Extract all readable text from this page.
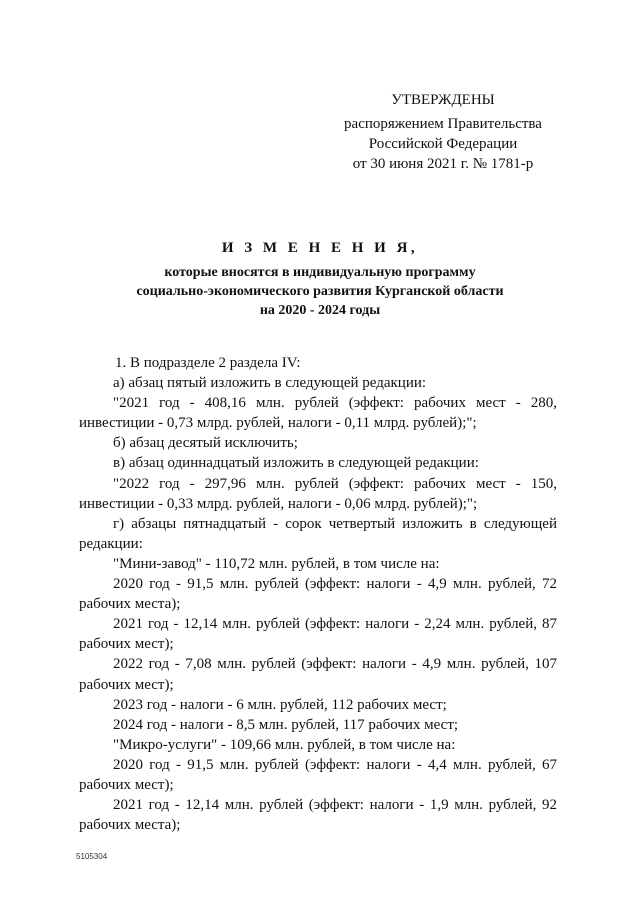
УТВЕРЖДЕНЫ
распоряжением Правительства
Российской Федерации
от 30 июня 2021 г. № 1781-р
И З М Е Н Е Н И Я,
которые вносятся в индивидуальную программу
социально-экономического развития Курганской области
на 2020 - 2024 годы

1. В подразделе 2 раздела IV:

а) абзац пятый изложить в следующей редакции:

"2021 год - 408,16 млн. рублей (эффект: рабочих мест - 280, инвестиции - 0,73 млрд. рублей, налоги - 0,11 млрд. рублей);";

б) абзац десятый исключить;

в) абзац одиннадцатый изложить в следующей редакции:

"2022 год - 297,96 млн. рублей (эффект: рабочих мест - 150, инвестиции - 0,33 млрд. рублей, налоги - 0,06 млрд. рублей);";

г) абзацы пятнадцатый - сорок четвертый изложить в следующей редакции:

"Мини-завод" - 110,72 млн. рублей, в том числе на:

2020 год - 91,5 млн. рублей (эффект: налоги - 4,9 млн. рублей, 72 рабочих места);

2021 год - 12,14 млн. рублей (эффект: налоги - 2,24 млн. рублей, 87 рабочих мест);

2022 год - 7,08 млн. рублей (эффект: налоги - 4,9 млн. рублей, 107 рабочих мест);

2023 год - налоги - 6 млн. рублей, 112 рабочих мест;

2024 год - налоги - 8,5 млн. рублей, 117 рабочих мест;

"Микро-услуги" - 109,66 млн. рублей, в том числе на:

2020 год - 91,5 млн. рублей (эффект: налоги - 4,4 млн. рублей, 67 рабочих мест);

2021 год - 12,14 млн. рублей (эффект: налоги - 1,9 млн. рублей, 92 рабочих места);

5105304
